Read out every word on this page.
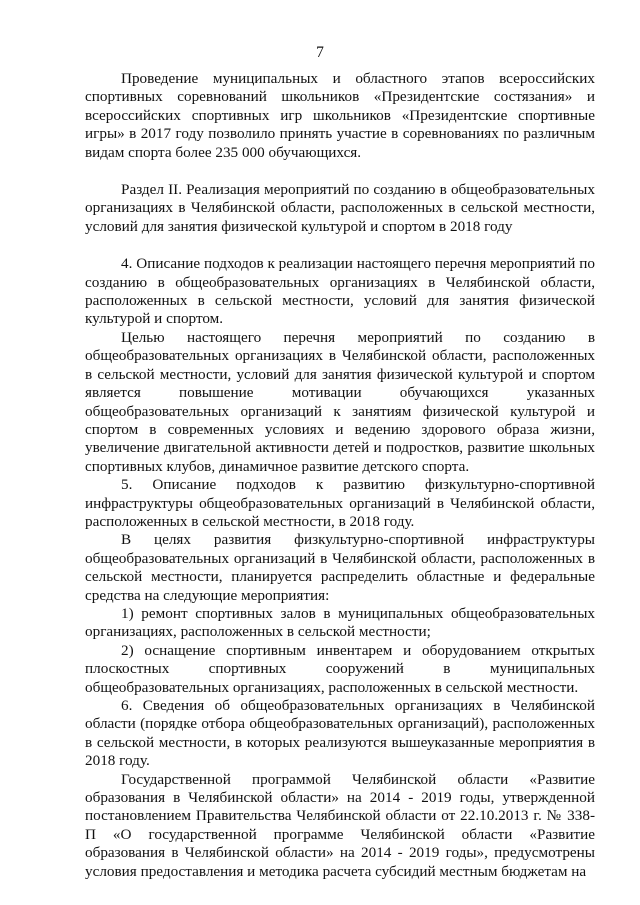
7

Проведение муниципальных и областного этапов всероссийских спортивных соревнований школьников «Президентские состязания» и всероссийских спортивных игр школьников «Президентские спортивные игры» в 2017 году позволило принять участие в соревнованиях по различным видам спорта более 235 000 обучающихся.

Раздел II. Реализация мероприятий по созданию в общеобразовательных организациях в Челябинской области, расположенных в сельской местности, условий для занятия физической культурой и спортом в 2018 году

4. Описание подходов к реализации настоящего перечня мероприятий по созданию в общеобразовательных организациях в Челябинской области, расположенных в сельской местности, условий для занятия физической культурой и спортом.

Целью настоящего перечня мероприятий по созданию в общеобразовательных организациях в Челябинской области, расположенных в сельской местности, условий для занятия физической культурой и спортом является повышение мотивации обучающихся указанных общеобразовательных организаций к занятиям физической культурой и спортом в современных условиях и ведению здорового образа жизни, увеличение двигательной активности детей и подростков, развитие школьных спортивных клубов, динамичное развитие детского спорта.

5. Описание подходов к развитию физкультурно-спортивной инфраструктуры общеобразовательных организаций в Челябинской области, расположенных в сельской местности, в 2018 году.

В целях развития физкультурно-спортивной инфраструктуры общеобразовательных организаций в Челябинской области, расположенных в сельской местности, планируется распределить областные и федеральные средства на следующие мероприятия:

1) ремонт спортивных залов в муниципальных общеобразовательных организациях, расположенных в сельской местности;

2) оснащение спортивным инвентарем и оборудованием открытых плоскостных спортивных сооружений в муниципальных общеобразовательных организациях, расположенных в сельской местности.

6. Сведения об общеобразовательных организациях в Челябинской области (порядке отбора общеобразовательных организаций), расположенных в сельской местности, в которых реализуются вышеуказанные мероприятия в 2018 году.

Государственной программой Челябинской области «Развитие образования в Челябинской области» на 2014 - 2019 годы, утвержденной постановлением Правительства Челябинской области от 22.10.2013 г. № 338-П «О государственной программе Челябинской области «Развитие образования в Челябинской области» на 2014 - 2019 годы», предусмотрены условия предоставления и методика расчета субсидий местным бюджетам на
